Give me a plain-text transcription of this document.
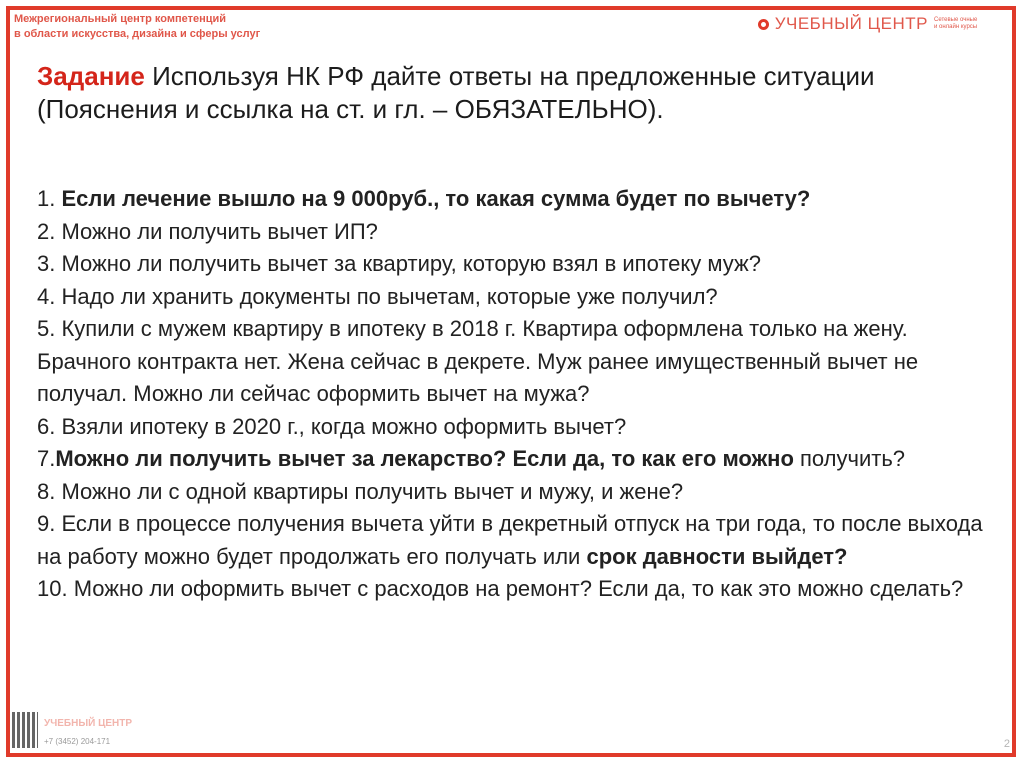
Межрегиональный центр компетенций
в области искусства, дизайна и сферы услуг
УЧЕБНЫЙ ЦЕНТР Сетевые очные и онлайн курсы
Задание Используя НК РФ дайте ответы на предложенные ситуации (Пояснения и ссылка на ст. и гл. – ОБЯЗАТЕЛЬНО).

1. Если лечение вышло на 9 000руб., то какая сумма будет по вычету?

2. Можно ли получить вычет ИП?

3. Можно ли получить вычет за квартиру, которую взял в ипотеку муж?

4. Надо ли хранить документы по вычетам, которые уже получил?

5. Купили с мужем квартиру в ипотеку в 2018 г. Квартира оформлена только на жену. Брачного контракта нет. Жена сейчас в декрете. Муж ранее имущественный вычет не получал. Можно ли сейчас оформить вычет на мужа?

6. Взяли ипотеку в 2020 г., когда можно оформить вычет?

7.Можно ли получить вычет за лекарство? Если да, то как его можно получить?

8. Можно ли с одной квартиры получить вычет и мужу, и жене?

9. Если в процессе получения вычета уйти в декретный отпуск на три года, то после выхода на работу можно будет продолжать его получать или срок давности выйдет?

10. Можно ли оформить вычет с расходов на ремонт? Если да, то как это можно сделать?

УЧЕБНЫЙ ЦЕНТР
+7 (3452) 204-171	2
